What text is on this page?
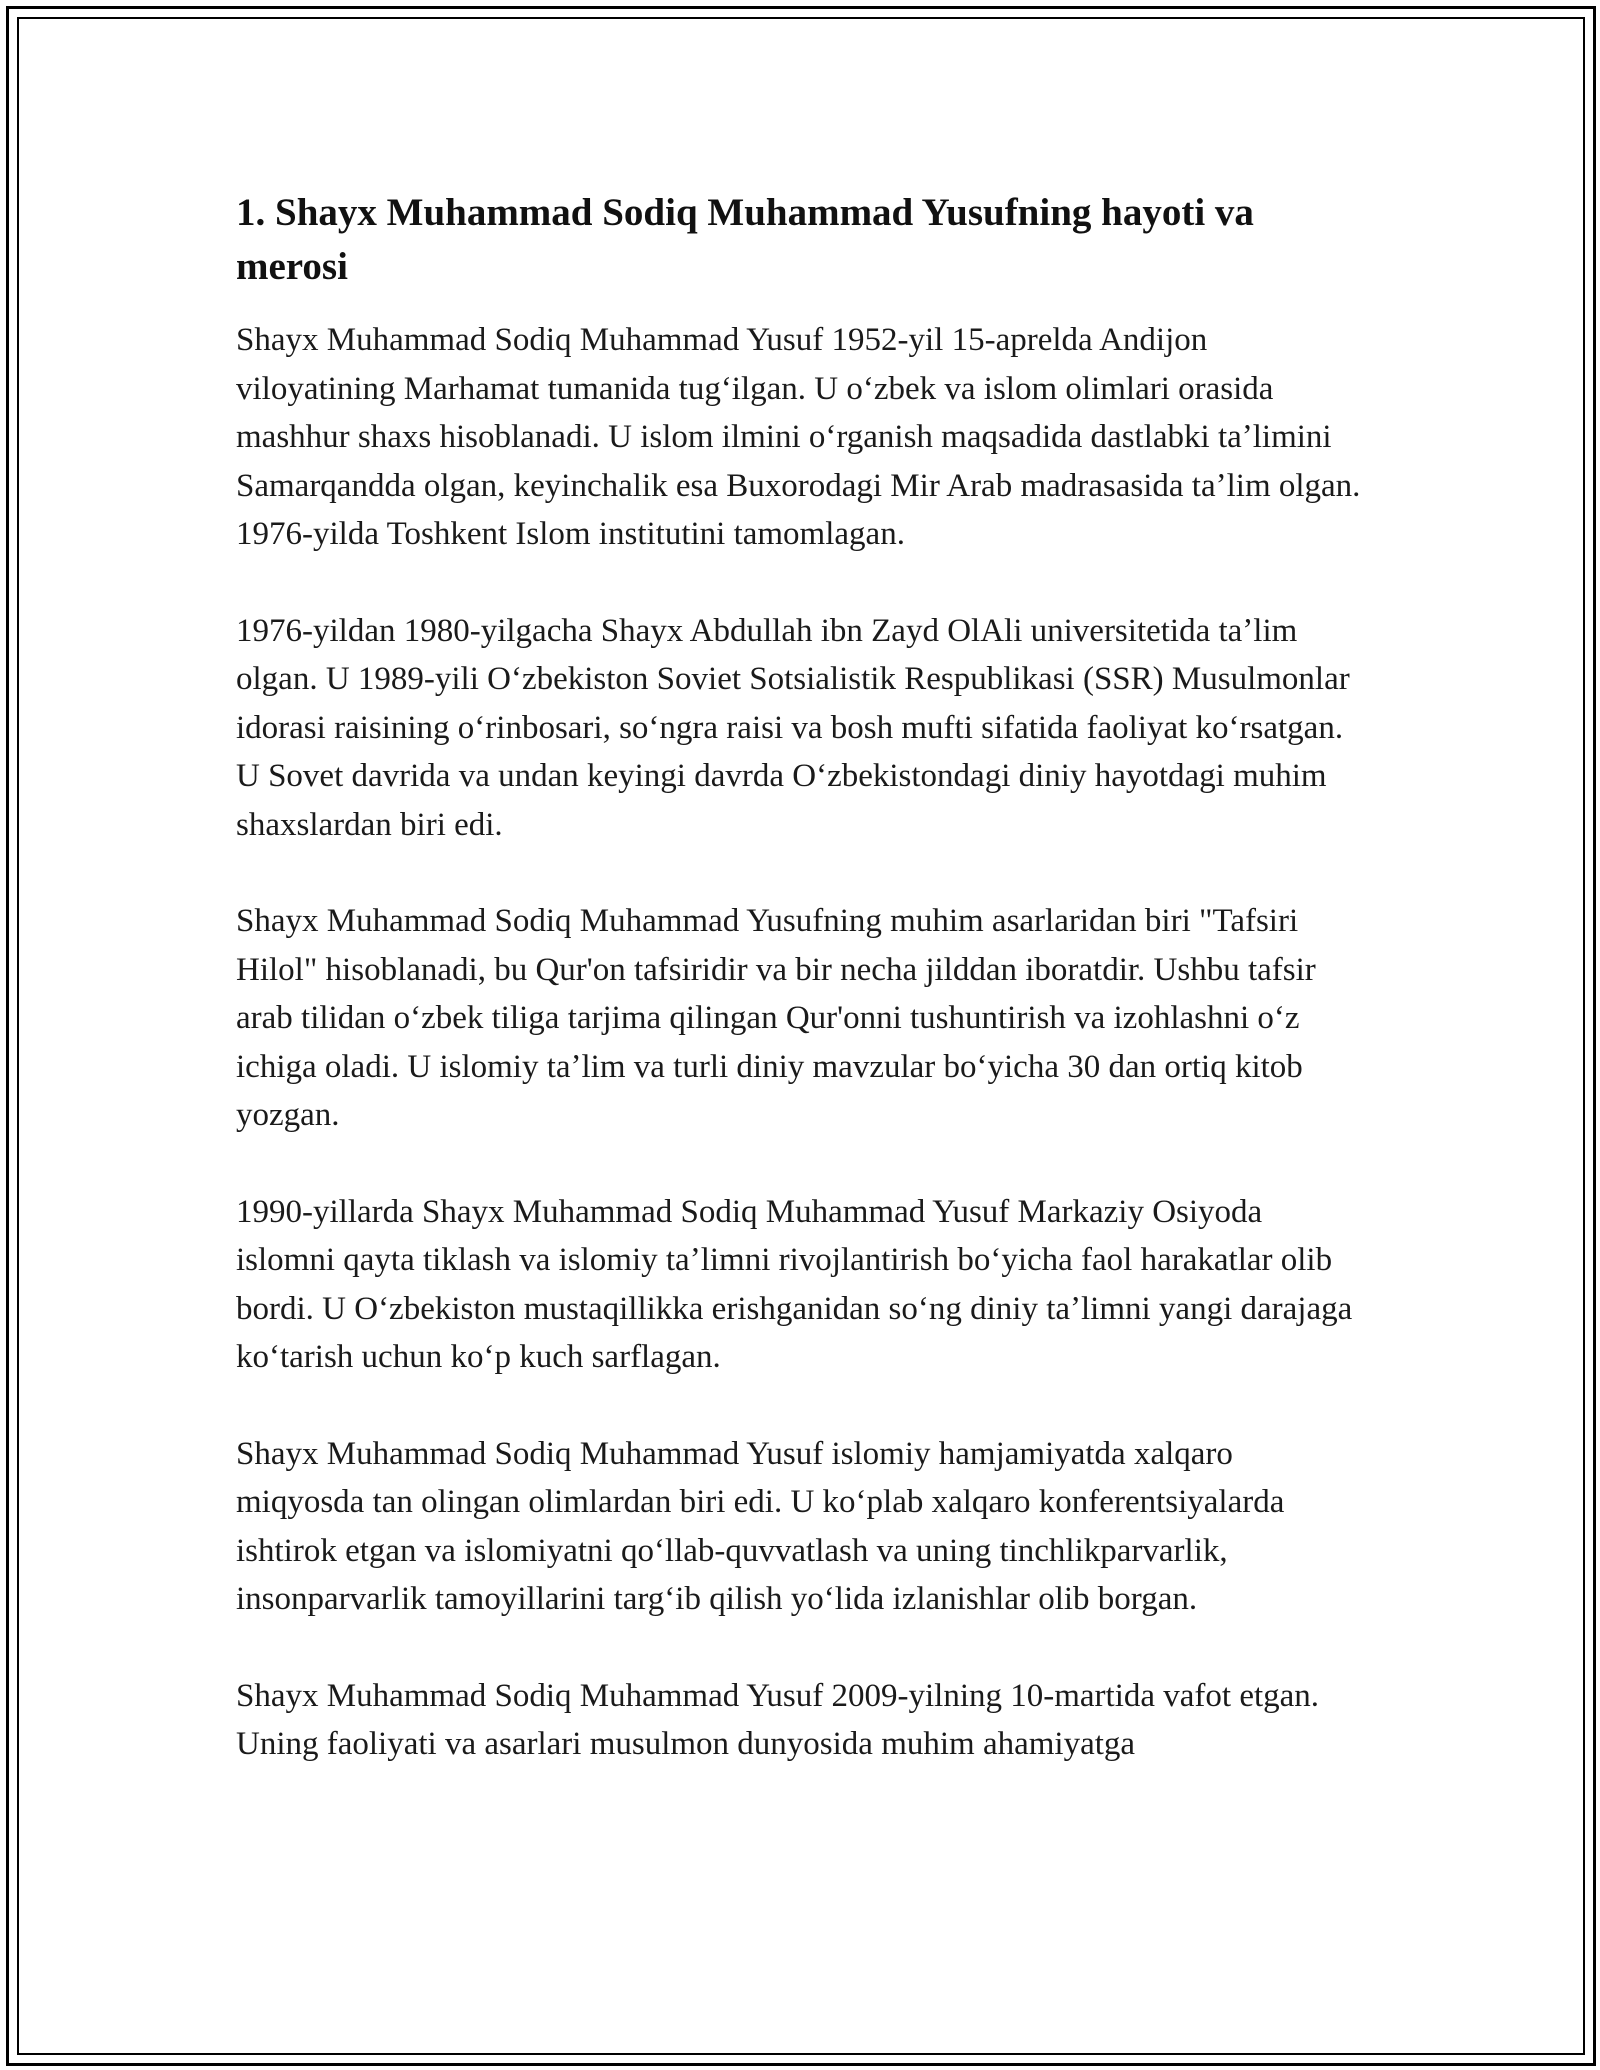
1. Shayx Muhammad Sodiq Muhammad Yusufning hayoti va merosi

Shayx Muhammad Sodiq Muhammad Yusuf 1952-yil 15-aprelda Andijon viloyatining Marhamat tumanida tugʻilgan. U oʻzbek va islom olimlari orasida mashhur shaxs hisoblanadi. U islom ilmini oʻrganish maqsadida dastlabki taʼlimini Samarqandda olgan, keyinchalik esa Buxorodagi Mir Arab madrasasida taʼlim olgan. 1976-yilda Toshkent Islom institutini tamomlagan.

1976-yildan 1980-yilgacha Shayx Abdullah ibn Zayd OlAli universitetida taʼlim olgan. U 1989-yili Oʻzbekiston Soviet Sotsialistik Respublikasi (SSR) Musulmonlar idorasi raisining oʻrinbosari, soʻngra raisi va bosh mufti sifatida faoliyat koʻrsatgan. U Sovet davrida va undan keyingi davrda Oʻzbekistondagi diniy hayotdagi muhim shaxslardan biri edi.

Shayx Muhammad Sodiq Muhammad Yusufning muhim asarlaridan biri "Tafsiri Hilol" hisoblanadi, bu Qur'on tafsiridir va bir necha jilddan iboratdir. Ushbu tafsir arab tilidan oʻzbek tiliga tarjima qilingan Qur'onni tushuntirish va izohlashni oʻz ichiga oladi. U islomiy taʼlim va turli diniy mavzular boʻyicha 30 dan ortiq kitob yozgan.

1990-yillarda Shayx Muhammad Sodiq Muhammad Yusuf Markaziy Osiyoda islomni qayta tiklash va islomiy taʼlimni rivojlantirish boʻyicha faol harakatlar olib bordi. U Oʻzbekiston mustaqillikka erishganidan soʻng diniy taʼlimni yangi darajaga koʻtarish uchun koʻp kuch sarflagan.

Shayx Muhammad Sodiq Muhammad Yusuf islomiy hamjamiyatda xalqaro miqyosda tan olingan olimlardan biri edi. U koʻplab xalqaro konferentsiyalarda ishtirok etgan va islomiyatni qoʻllab-quvvatlash va uning tinchlikparvarlik, insonparvarlik tamoyillarini targʻib qilish yoʻlida izlanishlar olib borgan.

Shayx Muhammad Sodiq Muhammad Yusuf 2009-yilning 10-martida vafot etgan. Uning faoliyati va asarlari musulmon dunyosida muhim ahamiyatga
